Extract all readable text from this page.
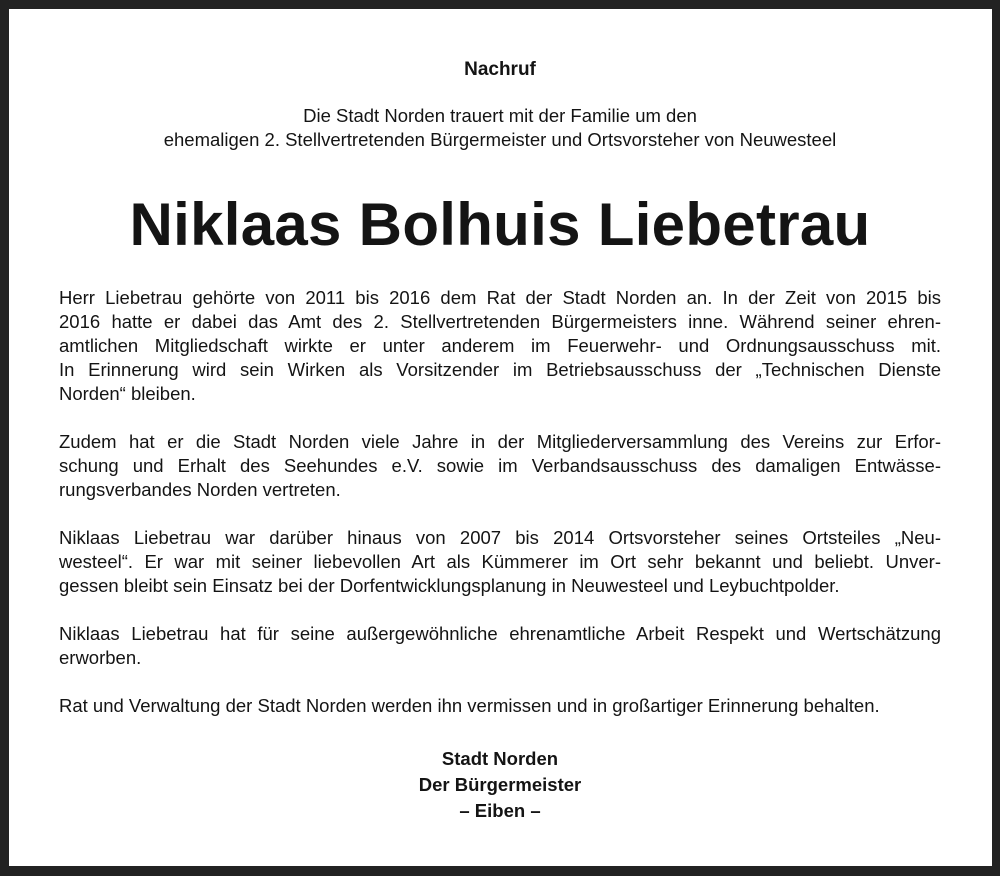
Nachruf
Die Stadt Norden trauert mit der Familie um den
ehemaligen 2. Stellvertretenden Bürgermeister und Ortsvorsteher von Neuwesteel
Niklaas Bolhuis Liebetrau

Herr Liebetrau gehörte von 2011 bis 2016 dem Rat der Stadt Norden an. In der Zeit von 2015 bis
2016 hatte er dabei das Amt des 2. Stellvertretenden Bürgermeisters inne. Während seiner ehren-
amtlichen Mitgliedschaft wirkte er unter anderem im Feuerwehr- und Ordnungsausschuss mit.
In Erinnerung wird sein Wirken als Vorsitzender im Betriebsausschuss der „Technischen Dienste
Norden“ bleiben.

Zudem hat er die Stadt Norden viele Jahre in der Mitgliederversammlung des Vereins zur Erfor-
schung und Erhalt des Seehundes e.V. sowie im Verbandsausschuss des damaligen Entwässe-
rungsverbandes Norden vertreten.

Niklaas Liebetrau war darüber hinaus von 2007 bis 2014 Ortsvorsteher seines Ortsteiles „Neu-
westeel“. Er war mit seiner liebevollen Art als Kümmerer im Ort sehr bekannt und beliebt. Unver-
gessen bleibt sein Einsatz bei der Dorfentwicklungsplanung in Neuwesteel und Leybuchtpolder.

Niklaas Liebetrau hat für seine außergewöhnliche ehrenamtliche Arbeit Respekt und Wertschätzung
erworben.

Rat und Verwaltung der Stadt Norden werden ihn vermissen und in großartiger Erinnerung behalten.

Stadt Norden
Der Bürgermeister
– Eiben –
